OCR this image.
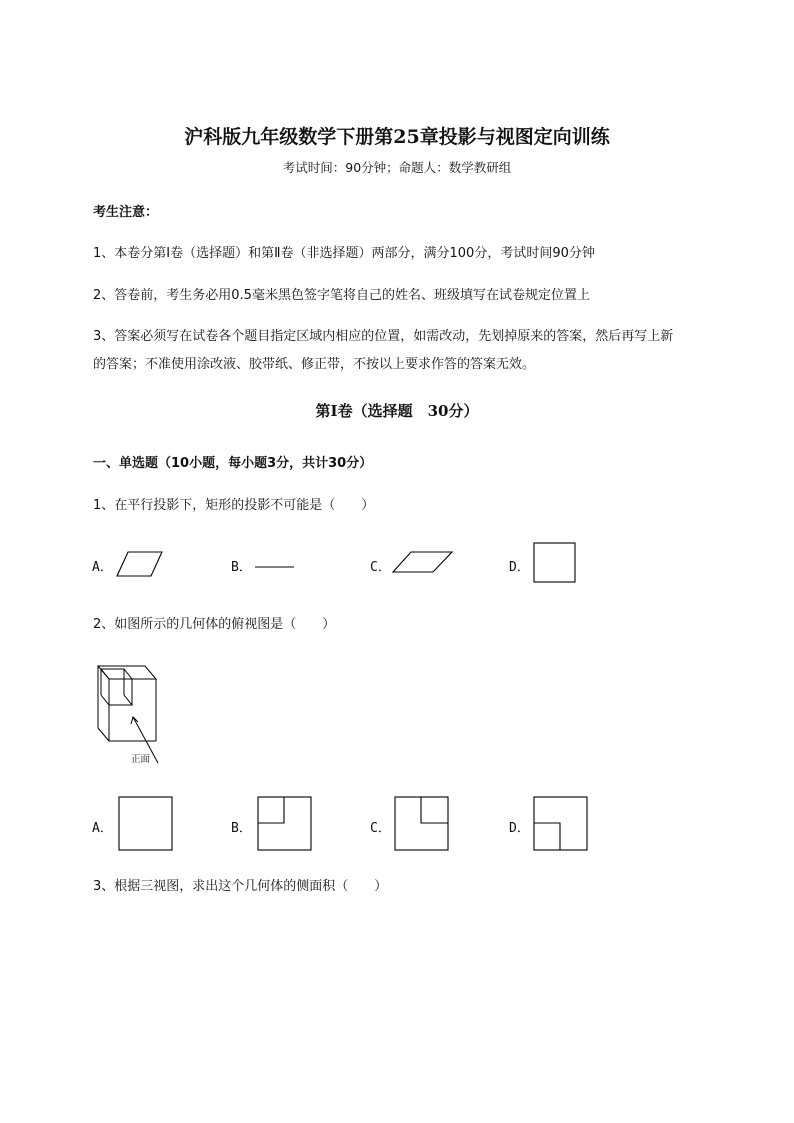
沪科版九年级数学下册第25章投影与视图定向训练
考试时间：90分钟；命题人：数学教研组
考生注意：
1、本卷分第I卷（选择题）和第Ⅱ卷（非选择题）两部分，满分100分，考试时间90分钟
2、答卷前，考生务必用0.5毫米黑色签字笔将自己的姓名、班级填写在试卷规定位置上
3、答案必须写在试卷各个题目指定区域内相应的位置，如需改动，先划掉原来的答案，然后再写上新
的答案；不准使用涂改液、胶带纸、修正带，不按以上要求作答的答案无效。
第I卷（选择题　30分）
一、单选题（10小题，每小题3分，共计30分）
1、在平行投影下，矩形的投影不可能是（　　）
A．	B．	C．	D．
2、如图所示的几何体的俯视图是（　　）
正面
A．	B．	C．	D．
3、根据三视图，求出这个几何体的侧面积（　　）
